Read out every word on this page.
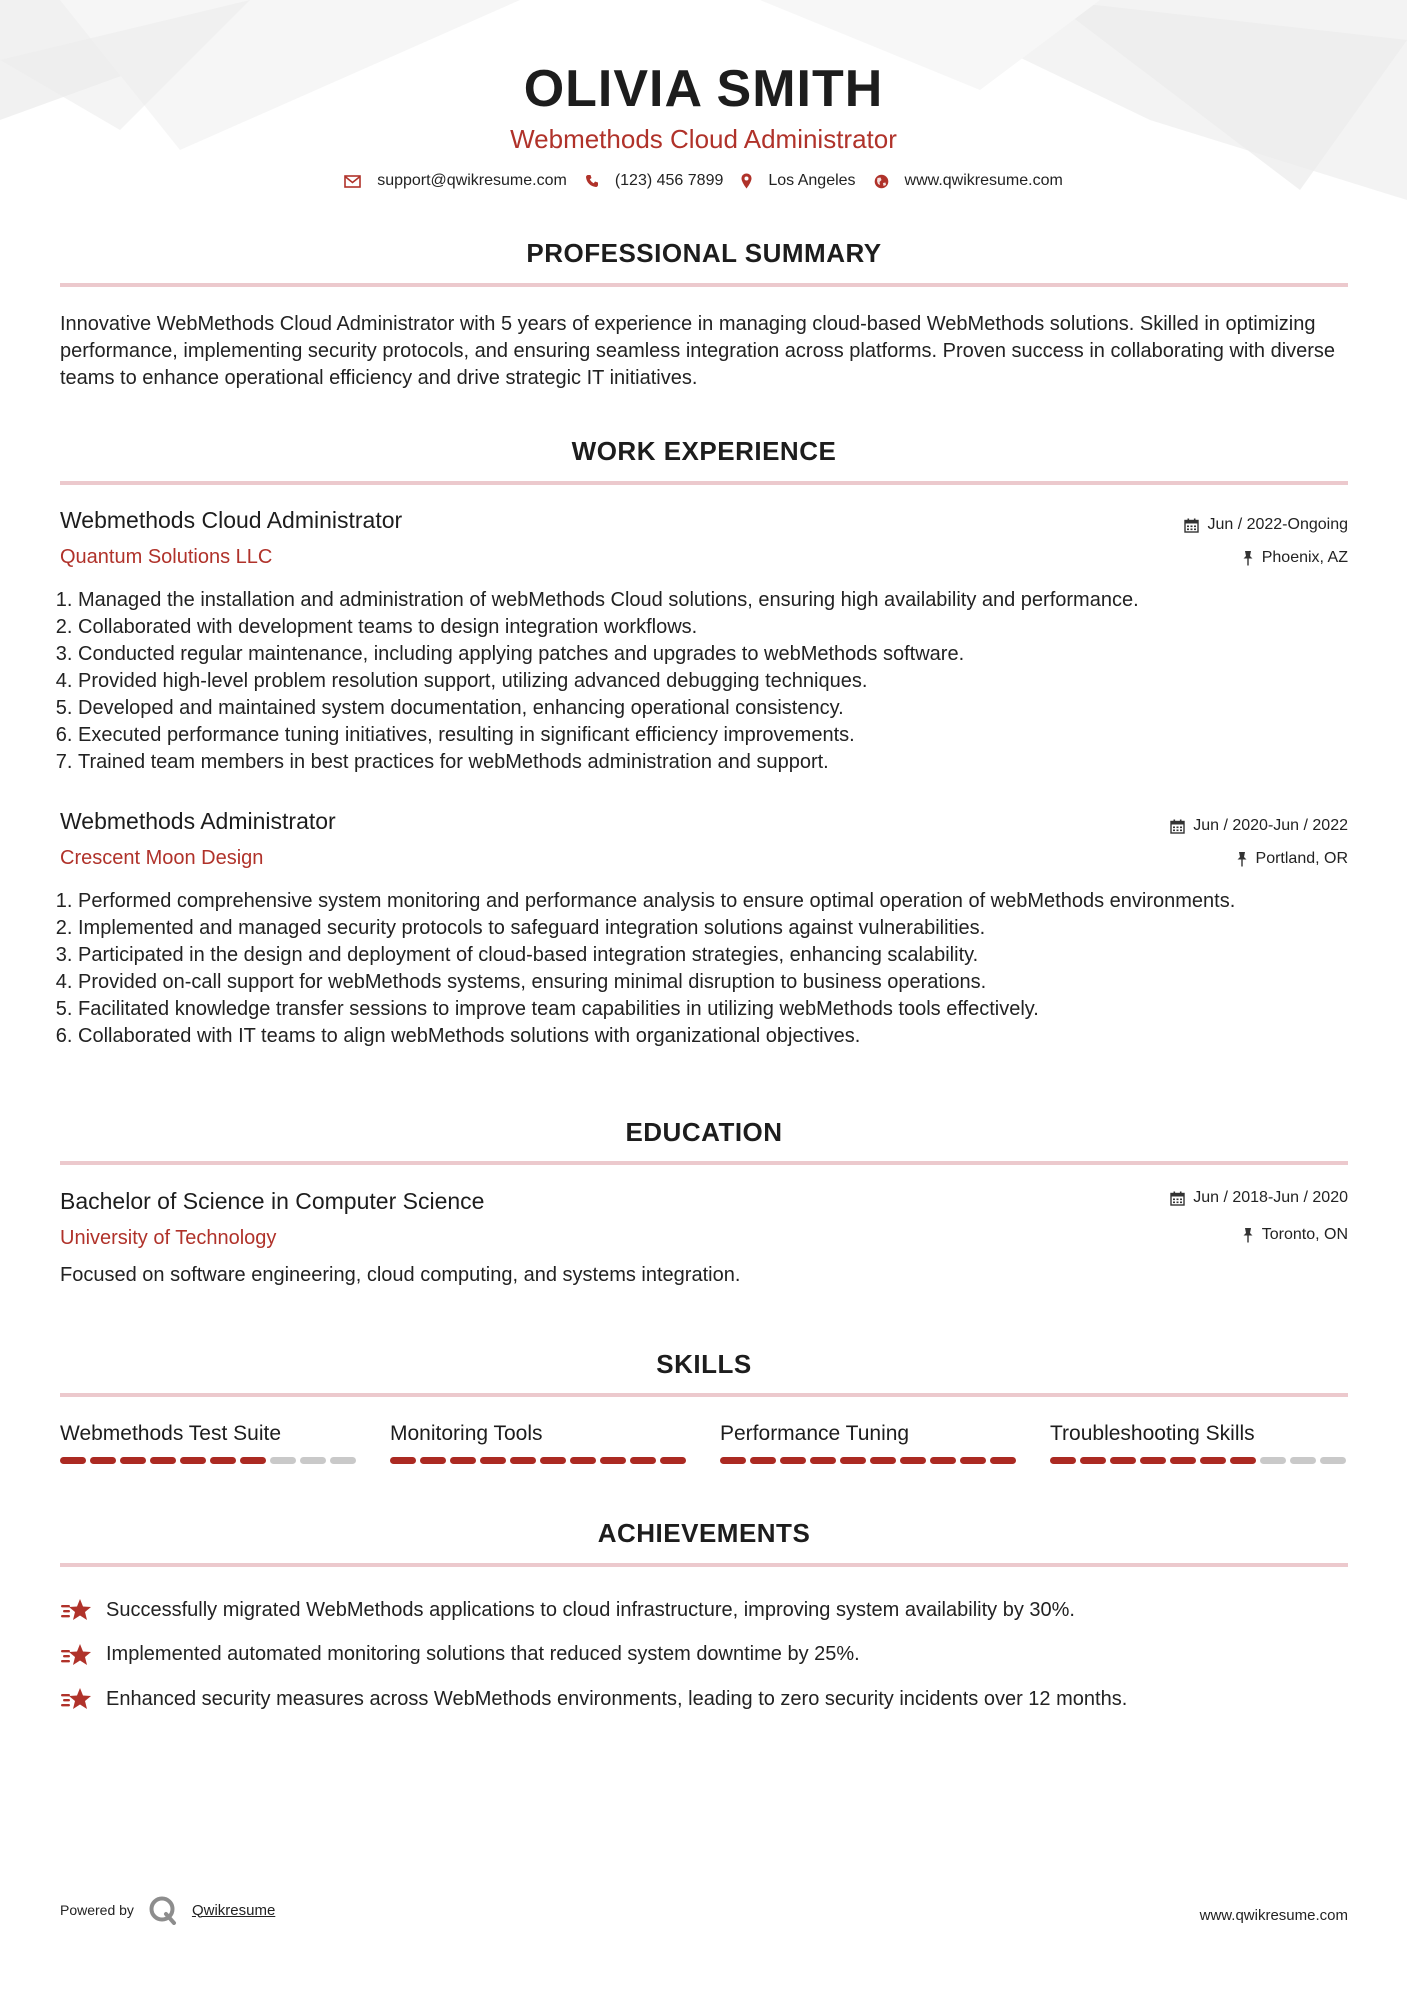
OLIVIA SMITH
Webmethods Cloud Administrator
support@qwikresume.com	(123) 456 7899	Los Angeles	www.qwikresume.com
PROFESSIONAL SUMMARY
Innovative WebMethods Cloud Administrator with 5 years of experience in managing cloud-based WebMethods solutions. Skilled in optimizing performance, implementing security protocols, and ensuring seamless integration across platforms. Proven success in collaborating with diverse teams to enhance operational efficiency and drive strategic IT initiatives.
WORK EXPERIENCE
Webmethods Cloud Administrator
Quantum Solutions LLC
Jun / 2022-Ongoing
Phoenix, AZ
1. Managed the installation and administration of webMethods Cloud solutions, ensuring high availability and performance.
2. Collaborated with development teams to design integration workflows.
3. Conducted regular maintenance, including applying patches and upgrades to webMethods software.
4. Provided high-level problem resolution support, utilizing advanced debugging techniques.
5. Developed and maintained system documentation, enhancing operational consistency.
6. Executed performance tuning initiatives, resulting in significant efficiency improvements.
7. Trained team members in best practices for webMethods administration and support.
Webmethods Administrator
Crescent Moon Design
Jun / 2020-Jun / 2022
Portland, OR
1. Performed comprehensive system monitoring and performance analysis to ensure optimal operation of webMethods environments.
2. Implemented and managed security protocols to safeguard integration solutions against vulnerabilities.
3. Participated in the design and deployment of cloud-based integration strategies, enhancing scalability.
4. Provided on-call support for webMethods systems, ensuring minimal disruption to business operations.
5. Facilitated knowledge transfer sessions to improve team capabilities in utilizing webMethods tools effectively.
6. Collaborated with IT teams to align webMethods solutions with organizational objectives.
EDUCATION
Bachelor of Science in Computer Science
University of Technology
Jun / 2018-Jun / 2020
Toronto, ON
Focused on software engineering, cloud computing, and systems integration.
SKILLS
Webmethods Test Suite	Monitoring Tools	Performance Tuning	Troubleshooting Skills
ACHIEVEMENTS
Successfully migrated WebMethods applications to cloud infrastructure, improving system availability by 30%.
Implemented automated monitoring solutions that reduced system downtime by 25%.
Enhanced security measures across WebMethods environments, leading to zero security incidents over 12 months.
Powered by	Qwikresume	www.qwikresume.com
